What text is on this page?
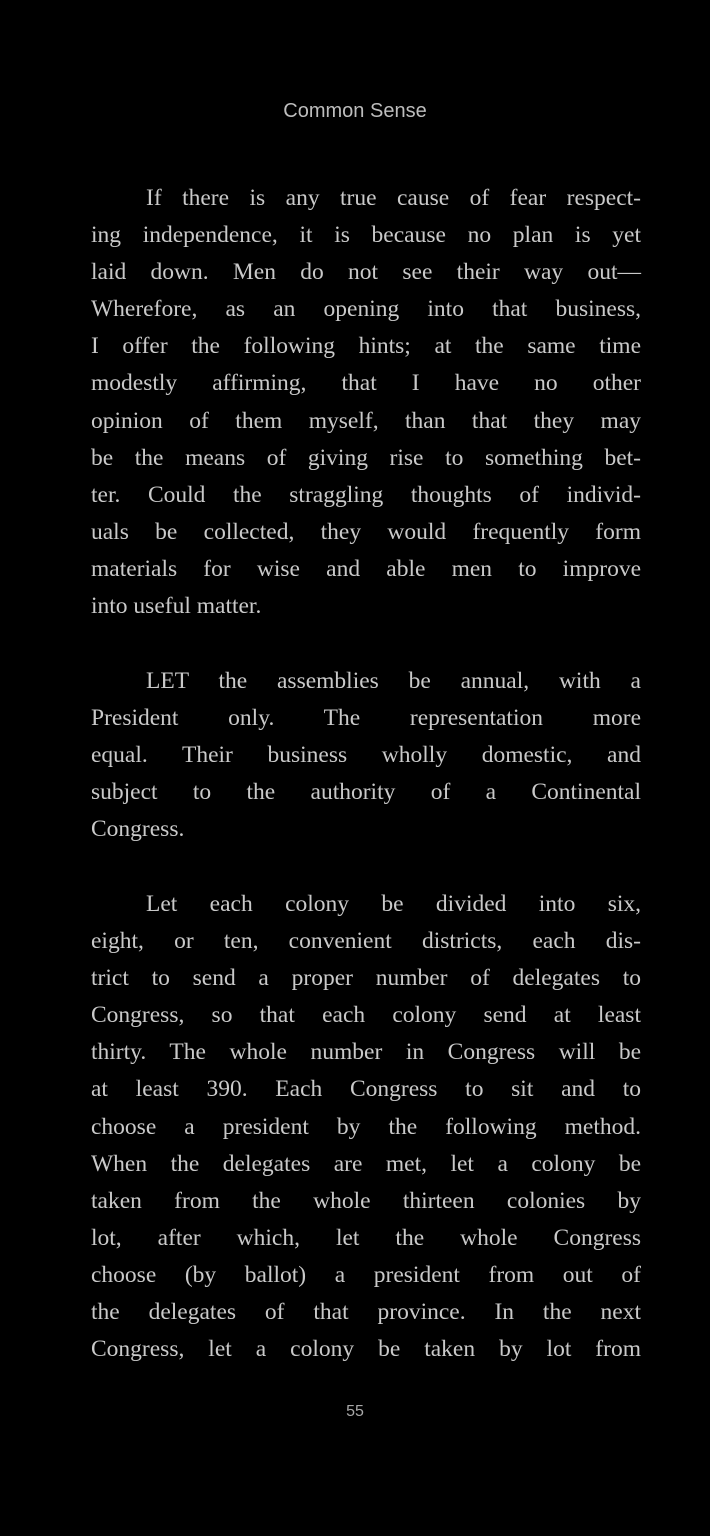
Common Sense
If there is any true cause of fear respect-
ing independence, it is because no plan is yet
laid down. Men do not see their way out—
Wherefore, as an opening into that business,
I offer the following hints; at the same time
modestly affirming, that I have no other
opinion of them myself, than that they may
be the means of giving rise to something bet-
ter. Could the straggling thoughts of individ-
uals be collected, they would frequently form
materials for wise and able men to improve
into useful matter.
LET the assemblies be annual, with a
President only. The representation more
equal. Their business wholly domestic, and
subject to the authority of a Continental
Congress.
Let each colony be divided into six,
eight, or ten, convenient districts, each dis-
trict to send a proper number of delegates to
Congress, so that each colony send at least
thirty. The whole number in Congress will be
at least 390. Each Congress to sit and to
choose a president by the following method.
When the delegates are met, let a colony be
taken from the whole thirteen colonies by
lot, after which, let the whole Congress
choose (by ballot) a president from out of
the delegates of that province. In the next
Congress, let a colony be taken by lot from
55
